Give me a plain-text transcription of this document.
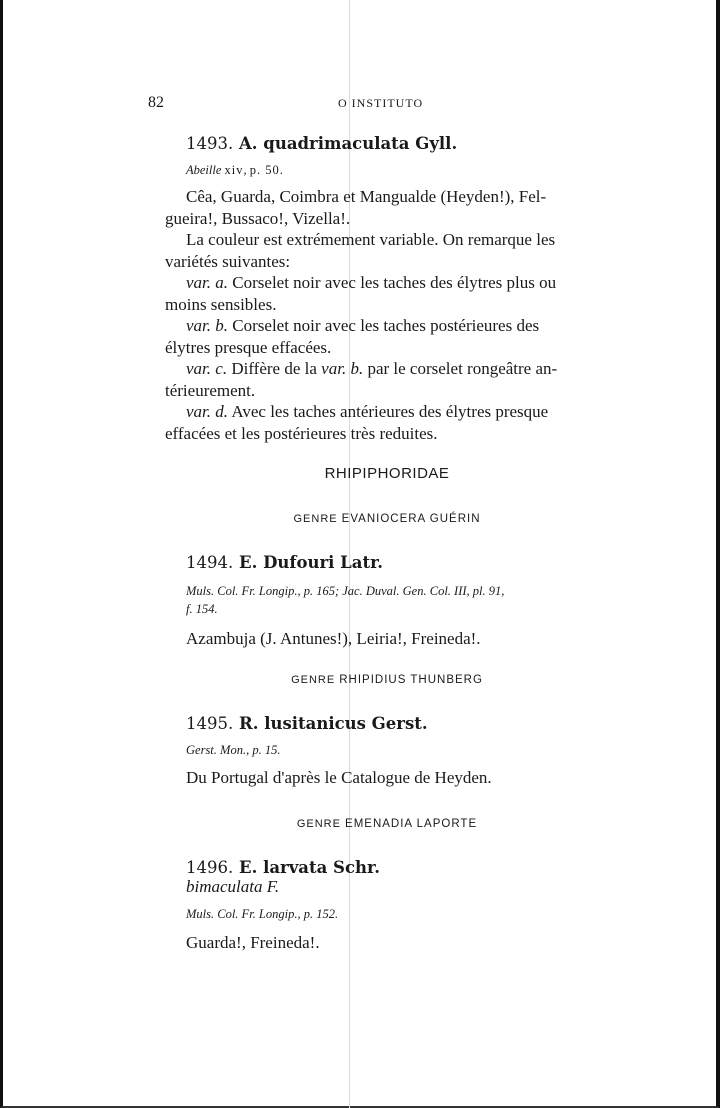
82	O INSTITUTO
1493. A. quadrimaculata Gyll.
Abeille xiv, p. 50.
Cêa, Guarda, Coimbra et Mangualde (Heyden!), Fel-
gueira!, Bussaco!, Vizella!.
La couleur est extrémement variable. On remarque les
variétés suivantes:
var. a. Corselet noir avec les taches des élytres plus ou
moins sensibles.
var. b. Corselet noir avec les taches postérieures des
élytres presque effacées.
var. c. Diffère de la var. b. par le corselet rongeâtre an-
térieurement.
var. d. Avec les taches antérieures des élytres presque
effacées et les postérieures très reduites.
RHIPIPHORIDAE
GENRE EVANIOCERA GUÉRIN
1494. E. Dufouri Latr.
Muls. Col. Fr. Longip., p. 165; Jac. Duval. Gen. Col. III, pl. 91,
f. 154.
Azambuja (J. Antunes!), Leiria!, Freineda!.
GENRE RHIPIDIUS THUNBERG
1495. R. lusitanicus Gerst.
Gerst. Mon., p. 15.
Du Portugal d'après le Catalogue de Heyden.
GENRE EMENADIA LAPORTE
1496. E. larvata Schr.
bimaculata F.
Muls. Col. Fr. Longip., p. 152.
Guarda!, Freineda!.
